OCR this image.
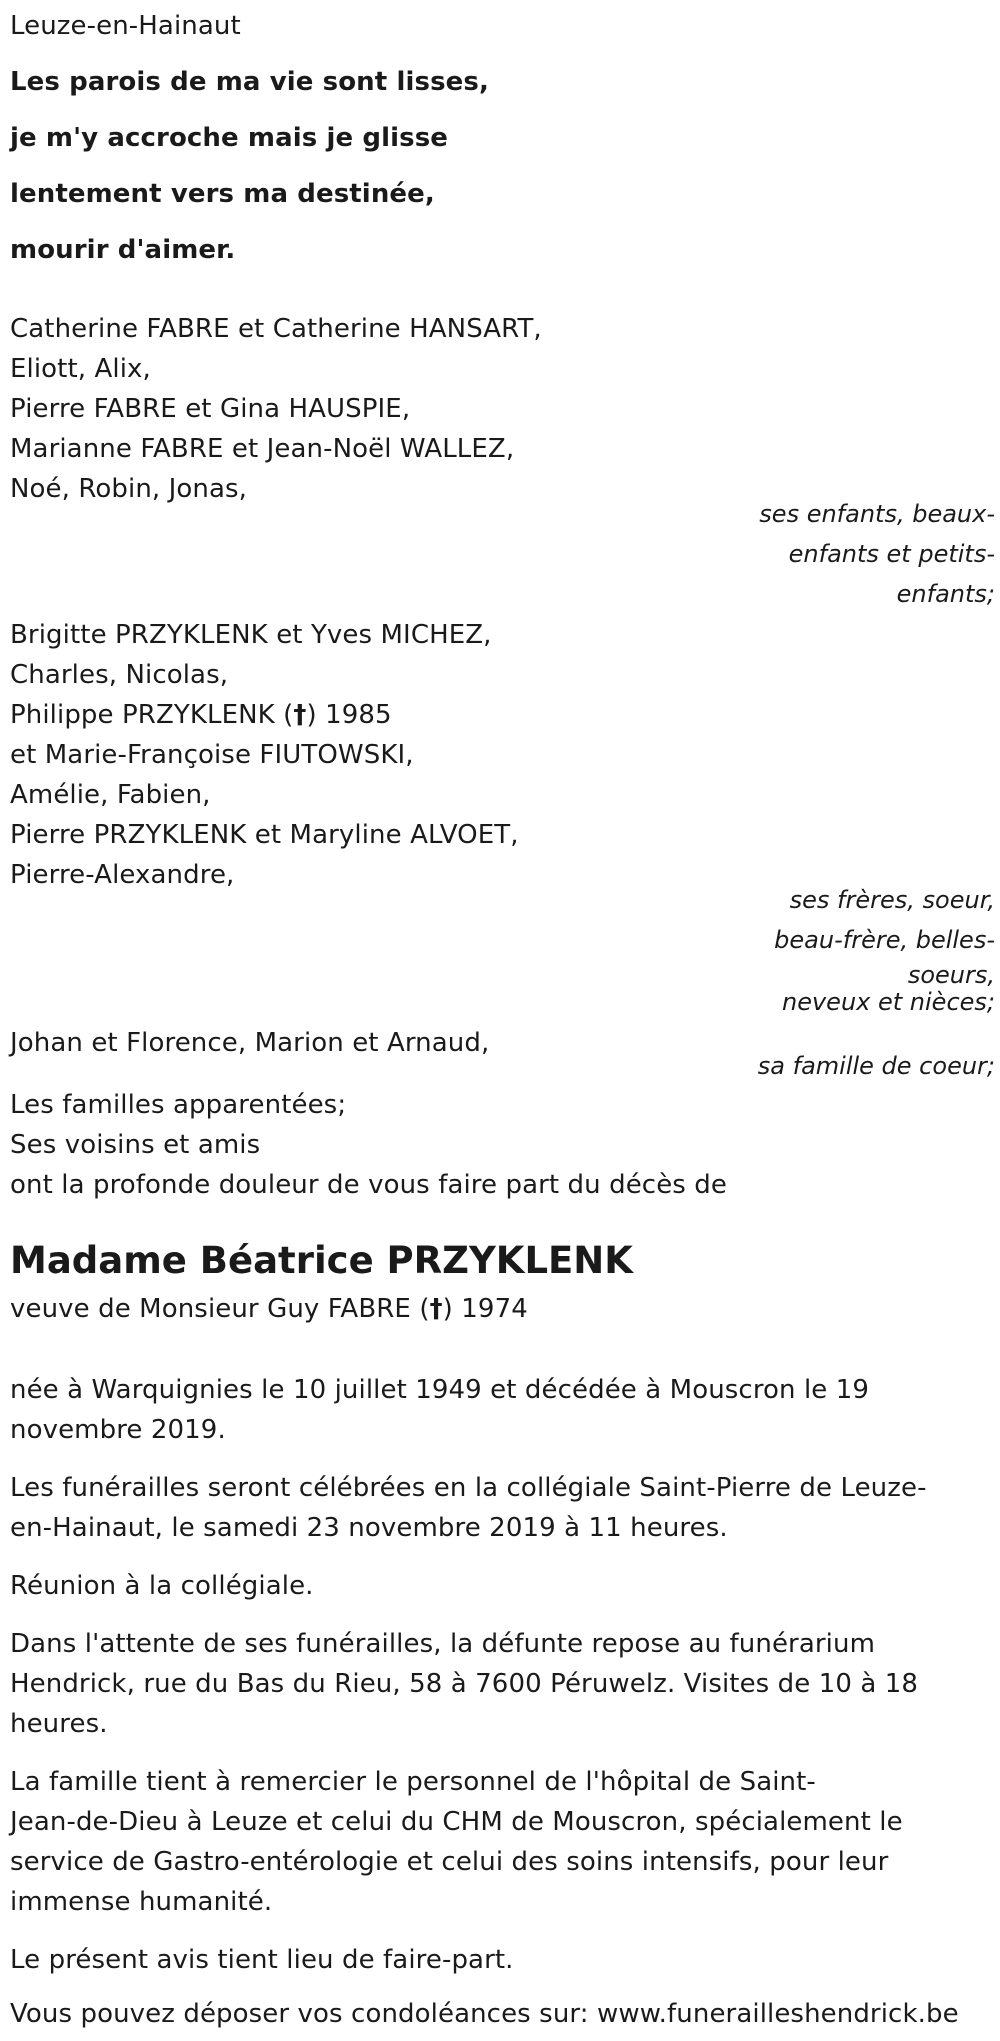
Leuze-en-Hainaut
Les parois de ma vie sont lisses,
je m'y accroche mais je glisse
lentement vers ma destinée,
mourir d'aimer.
Catherine FABRE et Catherine HANSART,
Eliott, Alix,
Pierre FABRE et Gina HAUSPIE,
Marianne FABRE et Jean-Noël WALLEZ,
Noé, Robin, Jonas,
ses enfants, beaux-
enfants et petits-
enfants;
Brigitte PRZYKLENK et Yves MICHEZ,
Charles, Nicolas,
Philippe PRZYKLENK (†) 1985
et Marie-Françoise FIUTOWSKI,
Amélie, Fabien,
Pierre PRZYKLENK et Maryline ALVOET,
Pierre-Alexandre,
ses frères, soeur,
beau-frère, belles-
soeurs,
neveux et nièces;
Johan et Florence, Marion et Arnaud,
sa famille de coeur;
Les familles apparentées;
Ses voisins et amis
ont la profonde douleur de vous faire part du décès de
Madame Béatrice PRZYKLENK
veuve de Monsieur Guy FABRE (†) 1974
née à Warquignies le 10 juillet 1949 et décédée à Mouscron le 19
novembre 2019.
Les funérailles seront célébrées en la collégiale Saint-Pierre de Leuze-
en-Hainaut, le samedi 23 novembre 2019 à 11 heures.
Réunion à la collégiale.
Dans l'attente de ses funérailles, la défunte repose au funérarium
Hendrick, rue du Bas du Rieu, 58 à 7600 Péruwelz. Visites de 10 à 18
heures.
La famille tient à remercier le personnel de l'hôpital de Saint-
Jean-de-Dieu à Leuze et celui du CHM de Mouscron, spécialement le
service de Gastro-entérologie et celui des soins intensifs, pour leur
immense humanité.
Le présent avis tient lieu de faire-part.
Vous pouvez déposer vos condoléances sur: www.funerailleshendrick.be
